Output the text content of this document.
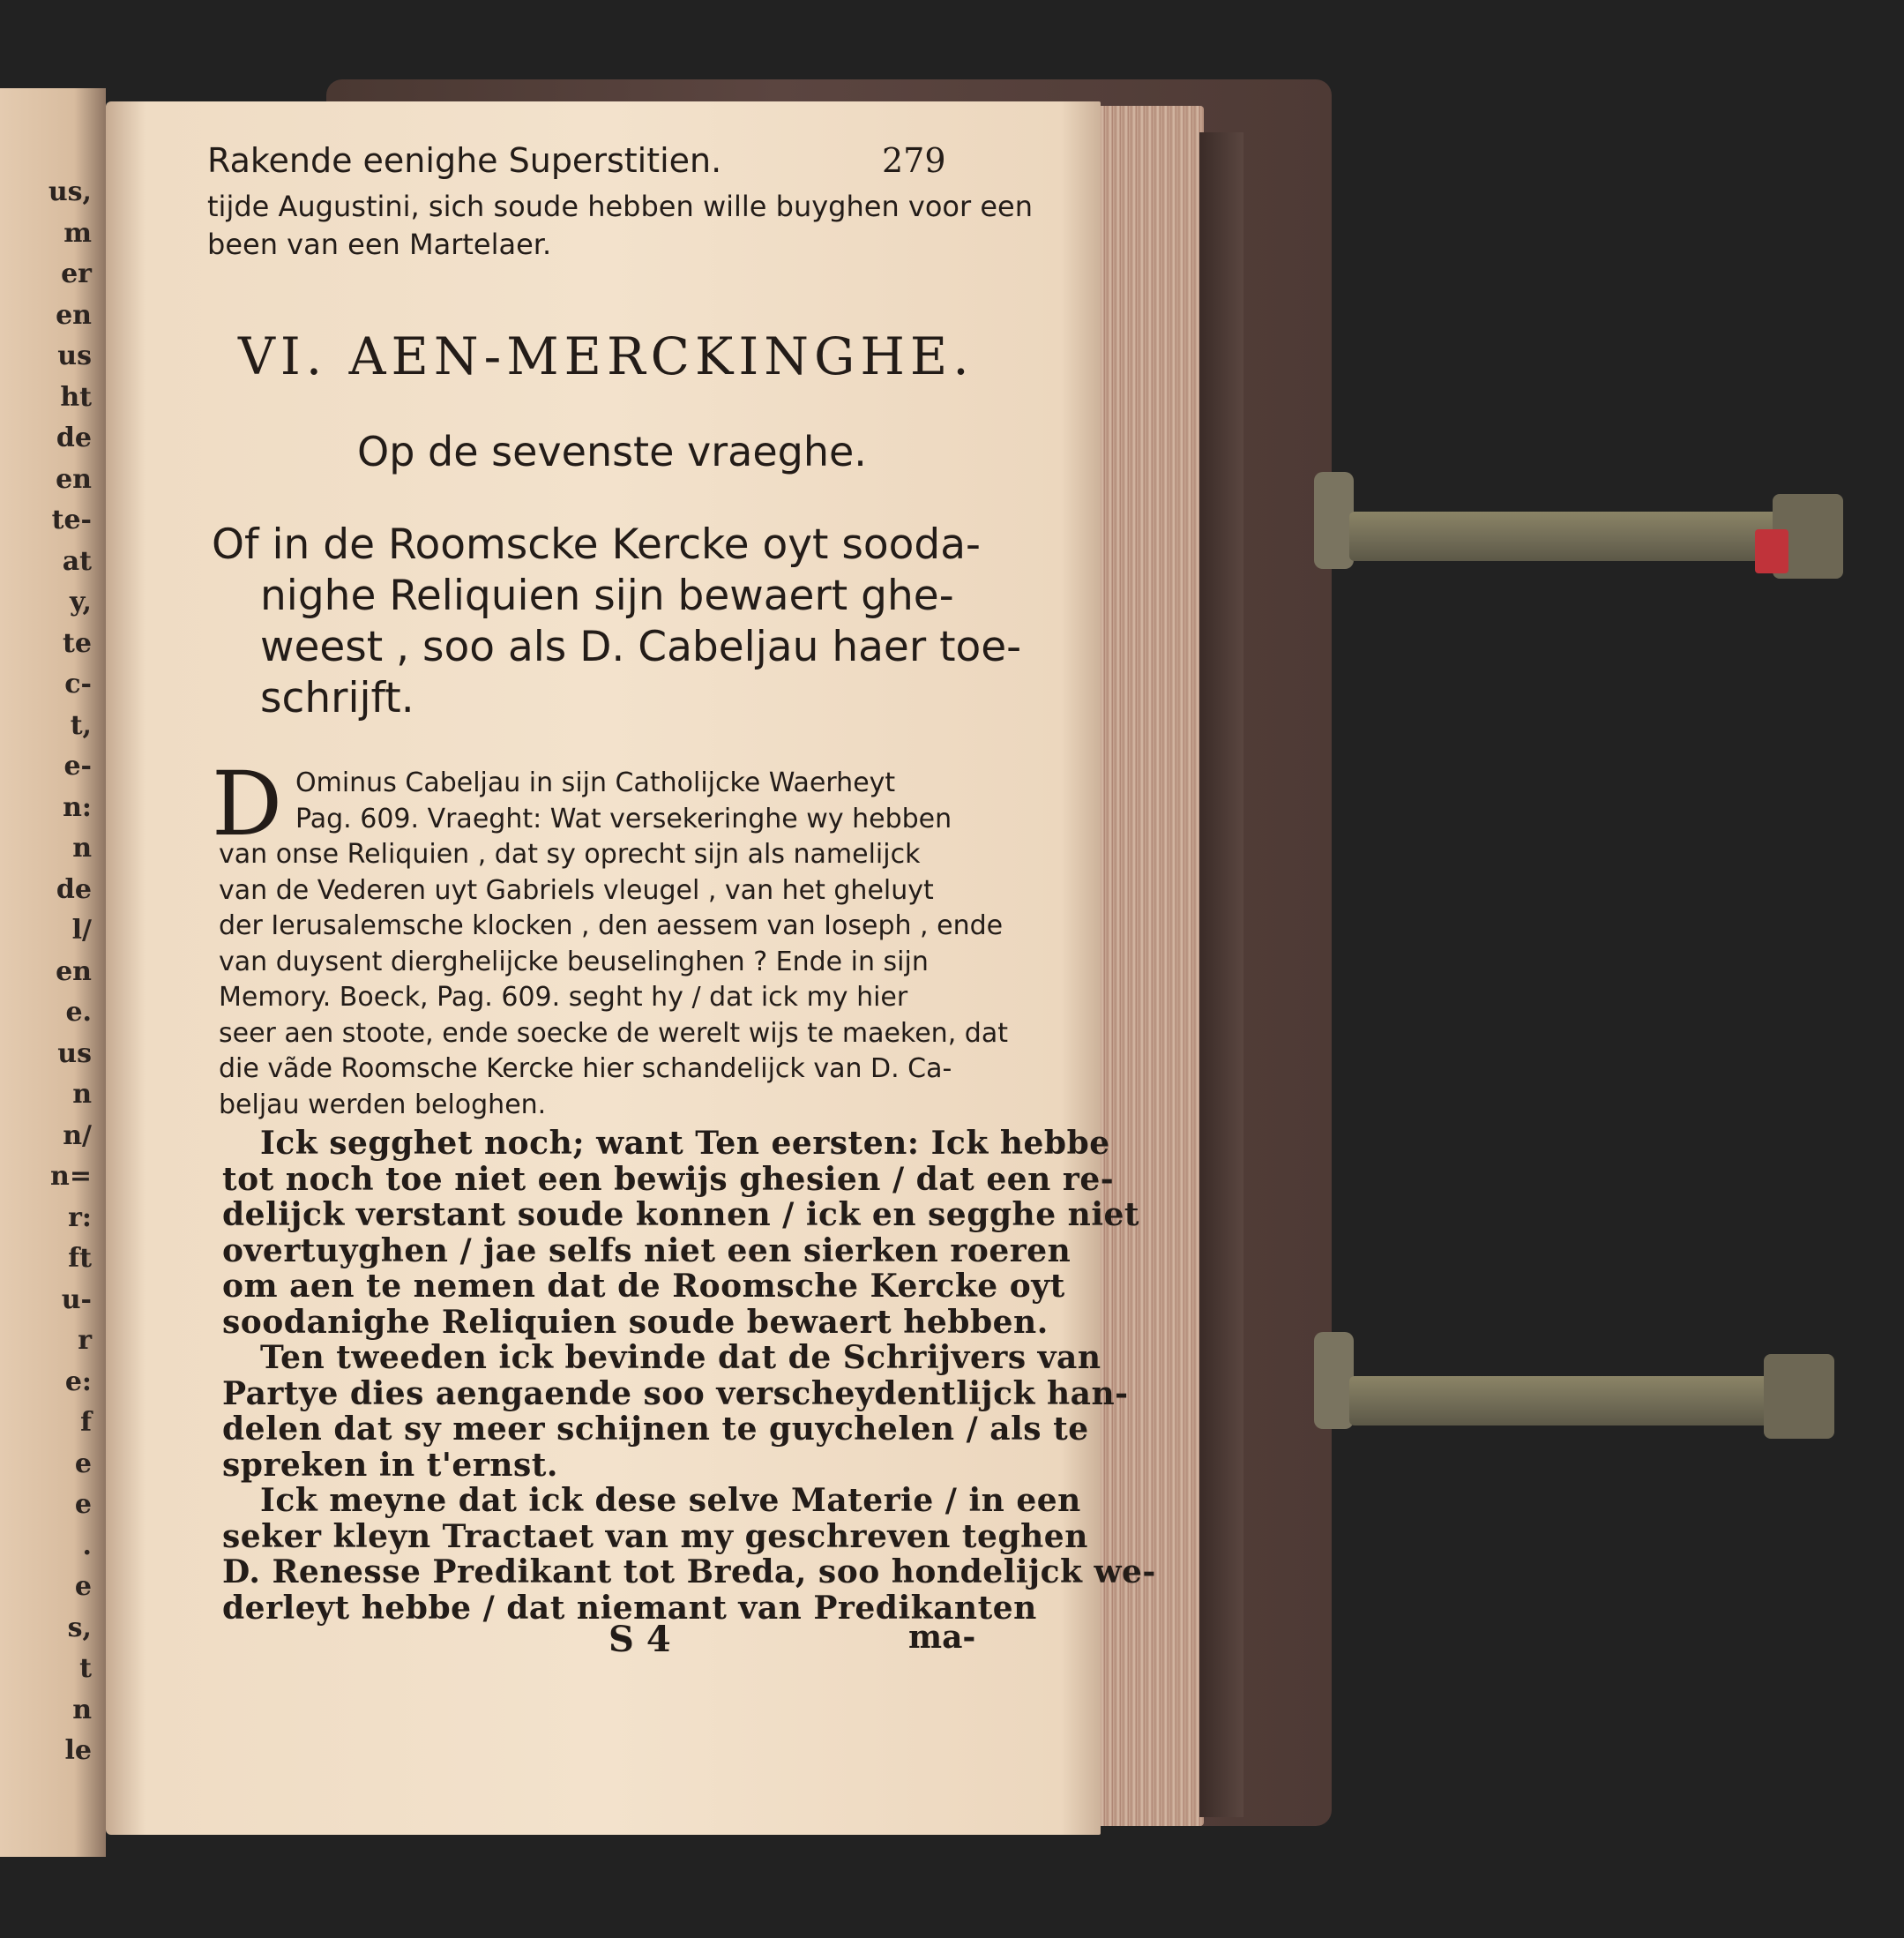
us,
m
er
en
us
ht
de
en
te-
at
y,
te
c-
t,
e-
n:
n
de
l/
en
e.
us
n
n/
n=
r:
ft
u-
r
e:
f
e
e
.
e
s,
t
n
le
Rakende eenighe Superstitien.	279
tijde Augustini, sich soude hebben wille buyghen voor een
been van een Martelaer.
VI. AEN-MERCKINGHE.
Op de sevenste vraeghe.
Of in de Roomscke Kercke oyt sooda-
nighe Reliquien sijn bewaert ghe-
weest , soo als D. Cabeljau haer toe-
schrijft.
D Ominus Cabeljau in sijn Catholijcke Waerheyt
Pag. 609. Vraeght: Wat versekeringhe wy hebben
van onse Reliquien , dat sy oprecht sijn als namelijck
van de Vederen uyt Gabriels vleugel , van het gheluyt
der Ierusalemsche klocken , den aessem van Ioseph , ende
van duysent dierghelijcke beuselinghen ? Ende in sijn
Memory. Boeck, Pag. 609. seght hy / dat ick my hier
seer aen stoote, ende soecke de werelt wijs te maeken, dat
die vãde Roomsche Kercke hier schandelijck van D. Ca-
beljau werden beloghen.
Ick segghet noch; want Ten eersten: Ick hebbe
tot noch toe niet een bewijs ghesien / dat een re-
delijck verstant soude konnen / ick en segghe niet
overtuyghen / jae selfs niet een sierken roeren
om aen te nemen dat de Roomsche Kercke oyt
soodanighe Reliquien soude bewaert hebben.
Ten tweeden ick bevinde dat de Schrijvers van
Partye dies aengaende soo verscheydentlijck han-
delen dat sy meer schijnen te guychelen / als te
spreken in t'ernst.
Ick meyne dat ick dese selve Materie / in een
seker kleyn Tractaet van my geschreven teghen
D. Renesse Predikant tot Breda, soo hondelijck we-
derleyt hebbe / dat niemant van Predikanten
S 4	ma-
